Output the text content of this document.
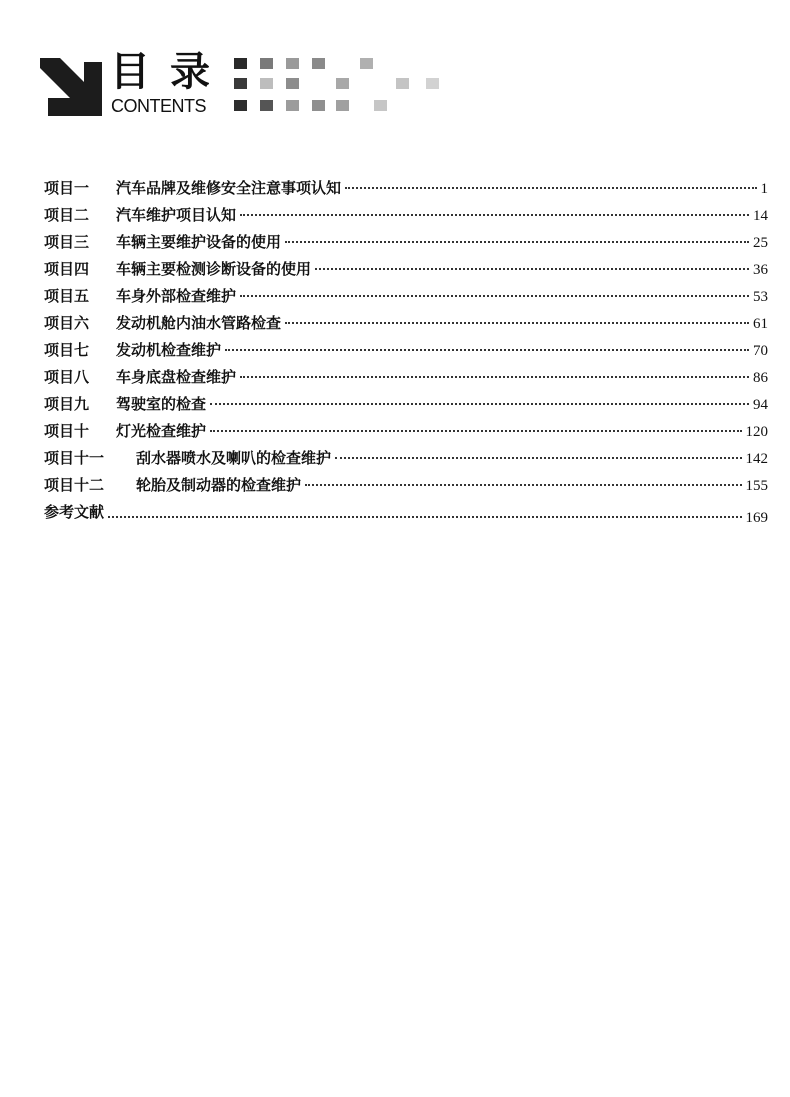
目录
CONTENTS
项目一	汽车品牌及维修安全注意事项认知	1
项目二	汽车维护项目认知	14
项目三	车辆主要维护设备的使用	25
项目四	车辆主要检测诊断设备的使用	36
项目五	车身外部检查维护	53
项目六	发动机舱内油水管路检查	61
项目七	发动机检查维护	70
项目八	车身底盘检查维护	86
项目九	驾驶室的检查	94
项目十	灯光检查维护	120
项目十一	刮水器喷水及喇叭的检查维护	142
项目十二	轮胎及制动器的检查维护	155
参考文献	169
